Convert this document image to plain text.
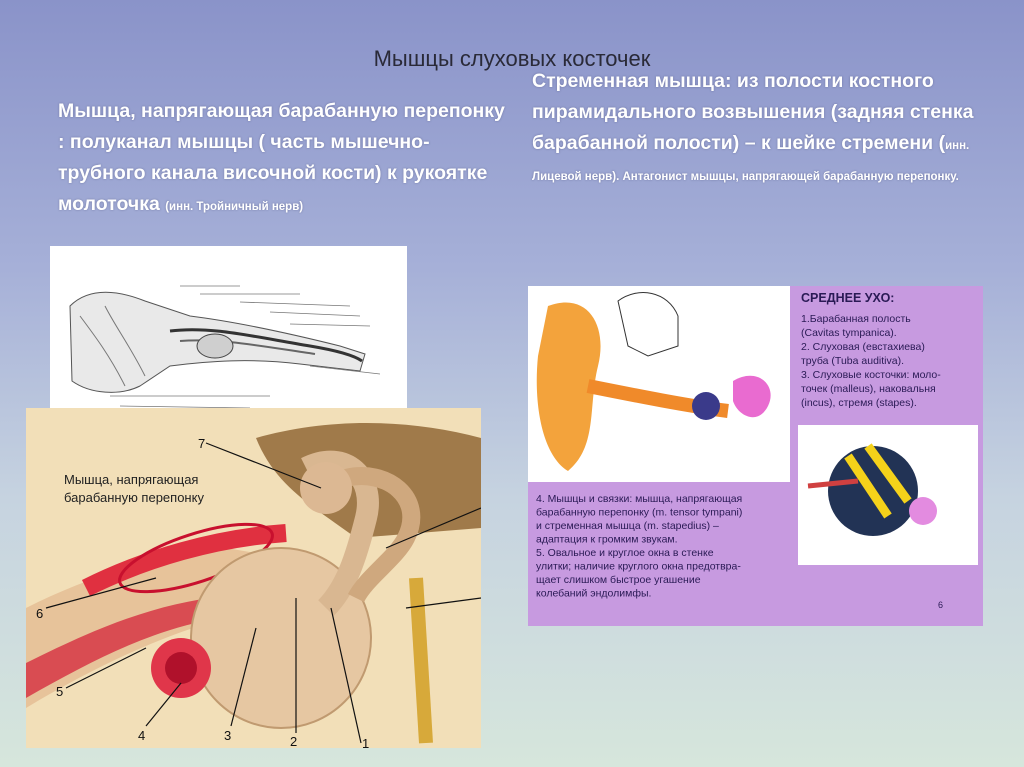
Мышцы слуховых косточек
Мышца, напрягающая барабанную перепонку : полуканал мышцы ( часть мышечно-трубного канала височной кости) к рукоятке молоточка (инн. Тройничный нерв)
Стременная мышца: из полости костного пирамидального возвышения (задняя стенка барабанной полости) – к шейке стремени (инн. Лицевой нерв). Антагонист мышцы, напрягающей барабанную перепонку.
Мышца, напрягающая барабанную перепонку
6
5
4	3	2
7
1
СРЕДНЕЕ УХО:
1.Барабанная полость (Cavitas tympanica). 2. Слуховая (евстахиева) труба (Tuba auditiva). 3. Слуховые косточки: моло- точек (malleus), наковальня (incus), стремя (stapes).
4. Мышцы и связки: мышца, напрягающая барабанную перепонку (m. tensor tympani) и стременная мышца (m. stapedius) – адаптация к громким звукам. 5. Овальное и круглое окна в стенке улитки; наличие круглого окна предотвра- щает слишком быстрое угашение колебаний эндолимфы.
6
